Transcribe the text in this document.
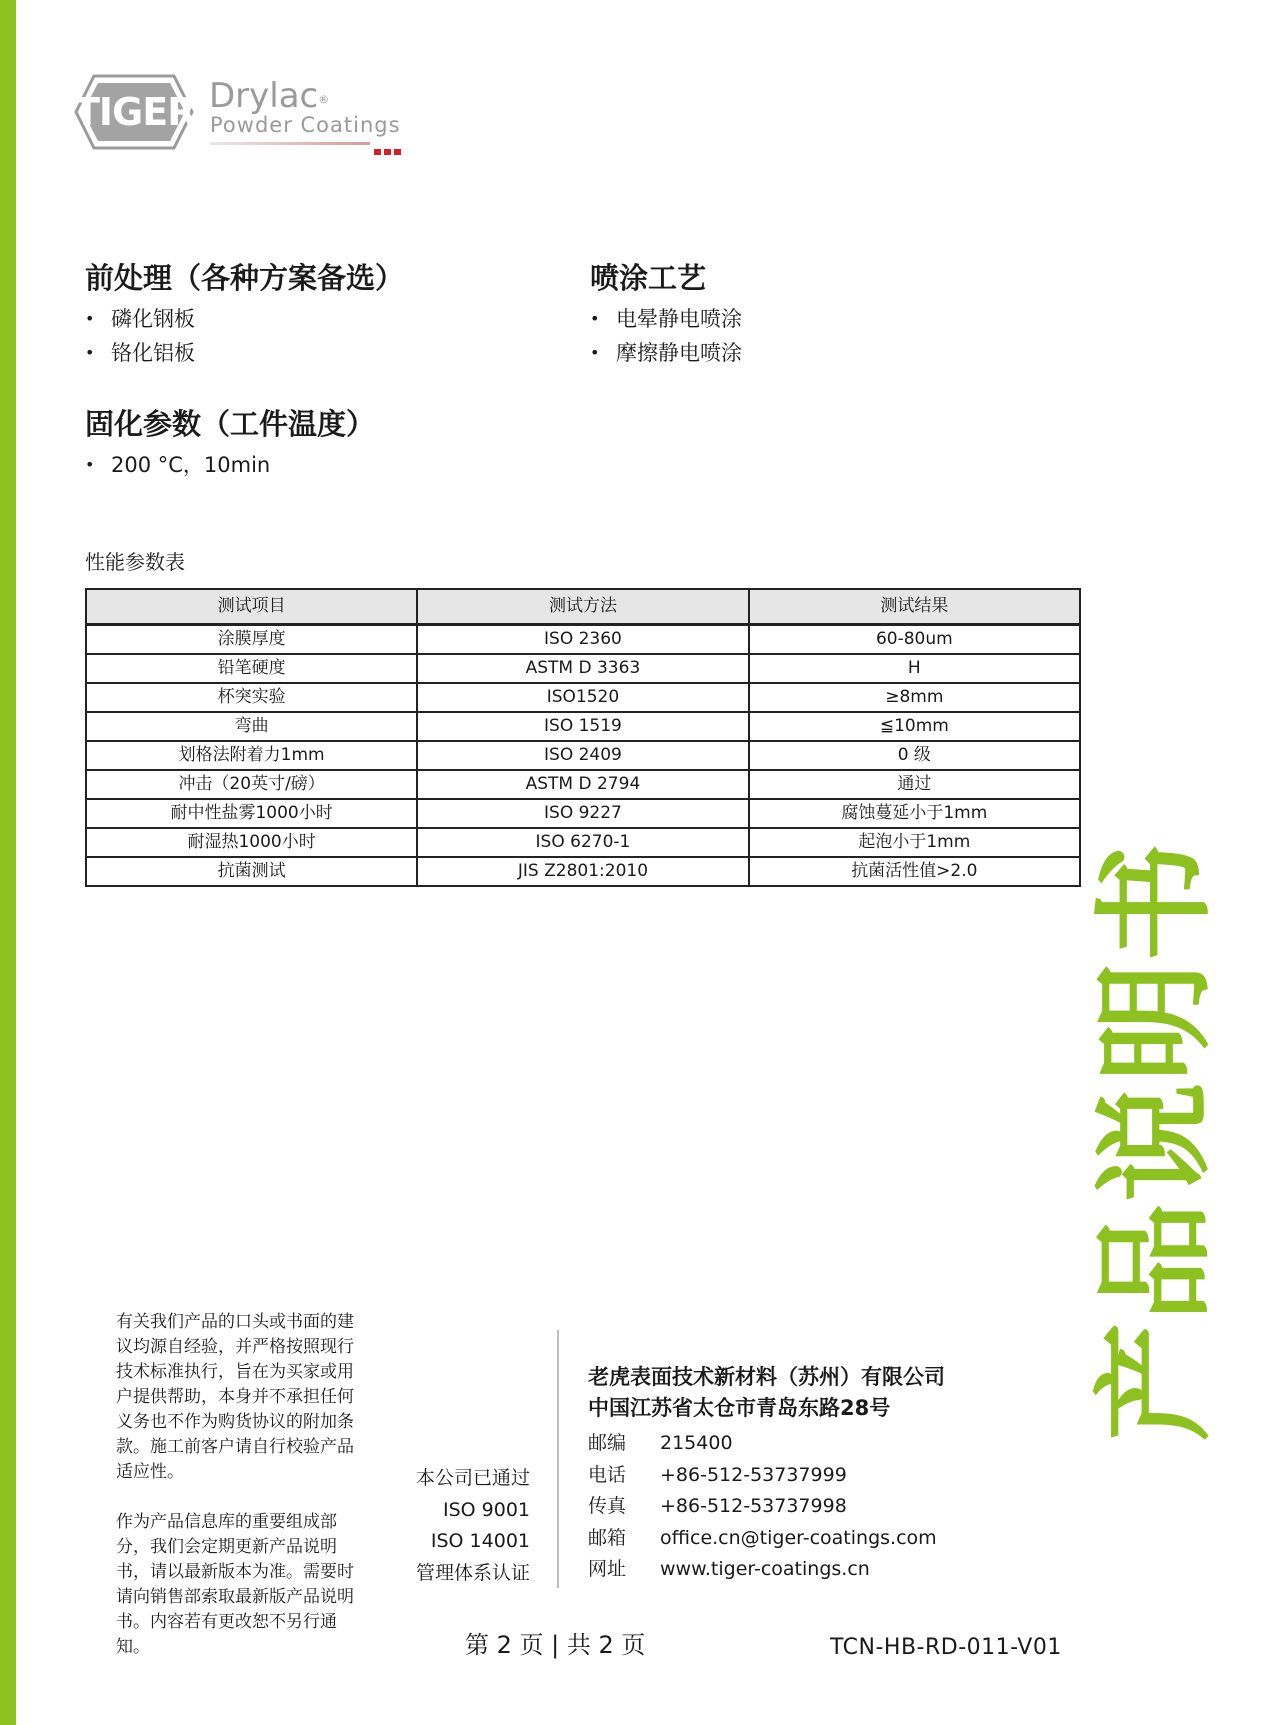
TIGER Drylac®
Powder Coatings
前处理（各种方案备选）
• 磷化钢板
• 铬化铝板
喷涂工艺
• 电晕静电喷涂
• 摩擦静电喷涂
固化参数（工件温度）
• 200 °C，10min
性能参数表
测试项目	测试方法	测试结果
涂膜厚度	ISO 2360	60-80um
铅笔硬度	ASTM D 3363	H
杯突实验	ISO1520	≥8mm
弯曲	ISO 1519	≦10mm
划格法附着力1mm	ISO 2409	0 级
冲击（20英寸/磅）	ASTM D 2794	通过
耐中性盐雾1000小时	ISO 9227	腐蚀蔓延小于1mm
耐湿热1000小时	ISO 6270-1	起泡小于1mm
抗菌测试	JIS Z2801:2010	抗菌活性值>2.0 书
明
说
品
产

有关我们产品的口头或书面的建议均源自经验，并严格按照现行技术标准执行，旨在为买家或用户提供帮助，本身并不承担任何义务也不作为购货协议的附加条款。施工前客户请自行校验产品适应性。

作为产品信息库的重要组成部分，我们会定期更新产品说明书，请以最新版本为准。需要时请向销售部索取最新版产品说明书。内容若有更改恕不另行通知。

本公司已通过
ISO 9001
ISO 14001
管理体系认证
老虎表面技术新材料（苏州）有限公司
中国江苏省太仓市青岛东路28号
邮编 215400
电话 +86-512-53737999
传真 +86-512-53737998
邮箱 office.cn@tiger-coatings.com
网址 www.tiger-coatings.cn
第 2 页 | 共 2 页	TCN-HB-RD-011-V01
